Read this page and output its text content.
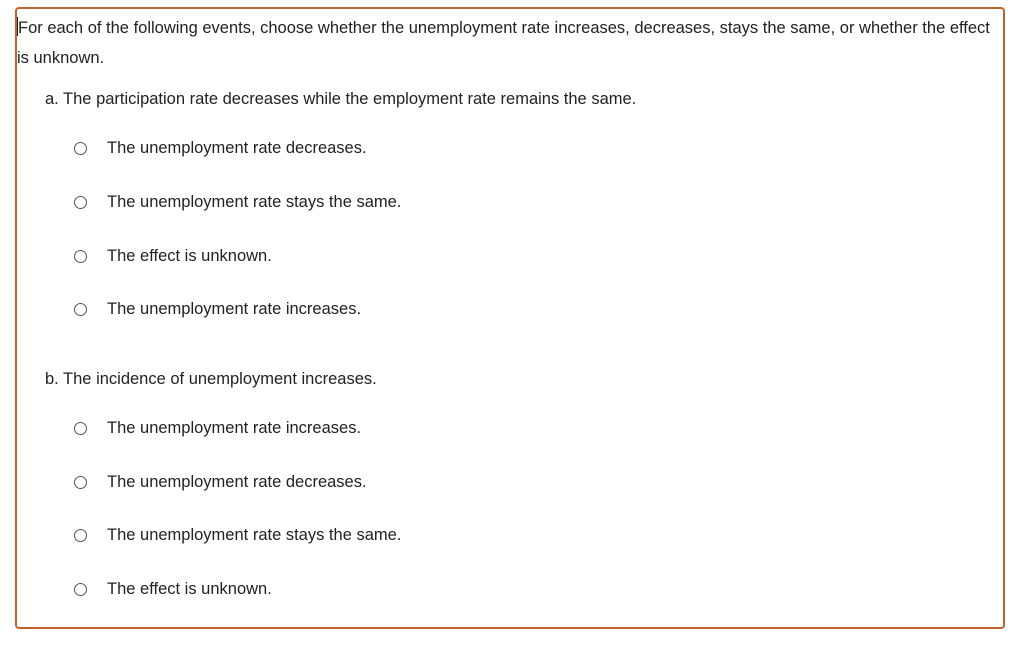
For each of the following events, choose whether the unemployment rate increases, decreases, stays the same, or whether the effect is unknown.
a. The participation rate decreases while the employment rate remains the same.
The unemployment rate decreases.
The unemployment rate stays the same.
The effect is unknown.
The unemployment rate increases.
b. The incidence of unemployment increases.
The unemployment rate increases.
The unemployment rate decreases.
The unemployment rate stays the same.
The effect is unknown.
